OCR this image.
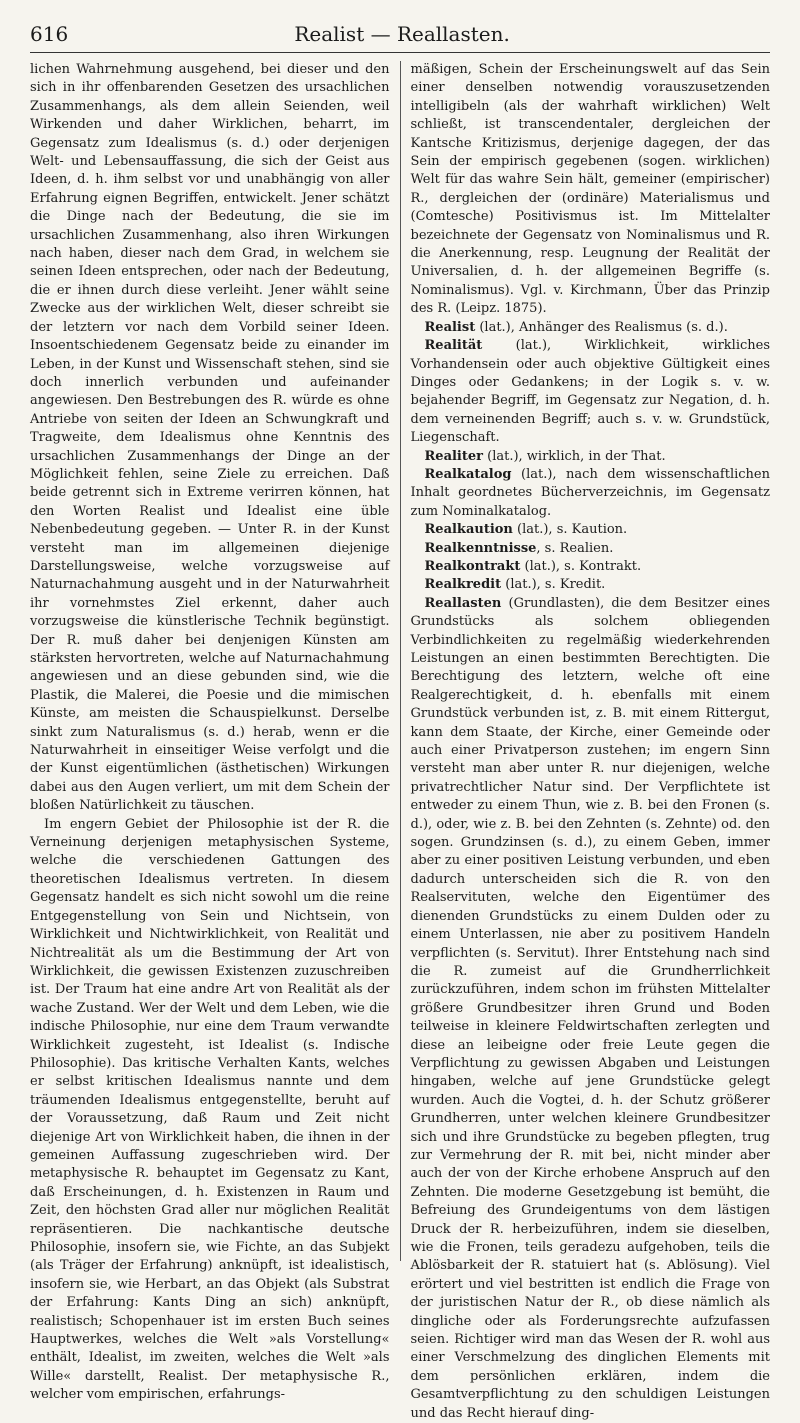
616	Realist — Reallasten.

lichen Wahrnehmung ausgehend, bei dieser und den sich in ihr offenbarenden Gesetzen des ursachlichen Zusammenhangs, als dem allein Seienden, weil Wirkenden und daher Wirklichen, beharrt, im Gegensatz zum Idealismus (s. d.) oder derjenigen Welt- und Lebensauffassung, die sich der Geist aus Ideen, d. h. ihm selbst vor und unabhängig von aller Erfahrung eignen Begriffen, entwickelt. Jener schätzt die Dinge nach der Bedeutung, die sie im ursachlichen Zusammenhang, also ihren Wirkungen nach haben, dieser nach dem Grad, in welchem sie seinen Ideen entsprechen, oder nach der Bedeutung, die er ihnen durch diese verleiht. Jener wählt seine Zwecke aus der wirklichen Welt, dieser schreibt sie der letztern vor nach dem Vorbild seiner Ideen. Insoentschiedenem Gegensatz beide zu einander im Leben, in der Kunst und Wissenschaft stehen, sind sie doch innerlich verbunden und aufeinander angewiesen. Den Bestrebungen des R. würde es ohne Antriebe von seiten der Ideen an Schwungkraft und Tragweite, dem Idealismus ohne Kenntnis des ursachlichen Zusammenhangs der Dinge an der Möglichkeit fehlen, seine Ziele zu erreichen. Daß beide getrennt sich in Extreme verirren können, hat den Worten Realist und Idealist eine üble Nebenbedeutung gegeben. — Unter R. in der Kunst versteht man im allgemeinen diejenige Darstellungsweise, welche vorzugsweise auf Naturnachahmung ausgeht und in der Naturwahrheit ihr vornehmstes Ziel erkennt, daher auch vorzugsweise die künstlerische Technik begünstigt. Der R. muß daher bei denjenigen Künsten am stärksten hervortreten, welche auf Naturnachahmung angewiesen und an diese gebunden sind, wie die Plastik, die Malerei, die Poesie und die mimischen Künste, am meisten die Schauspielkunst. Derselbe sinkt zum Naturalismus (s. d.) herab, wenn er die Naturwahrheit in einseitiger Weise verfolgt und die der Kunst eigentümlichen (ästhetischen) Wirkungen dabei aus den Augen verliert, um mit dem Schein der bloßen Natürlichkeit zu täuschen.

Im engern Gebiet der Philosophie ist der R. die Verneinung derjenigen metaphysischen Systeme, welche die verschiedenen Gattungen des theoretischen Idealismus vertreten. In diesem Gegensatz handelt es sich nicht sowohl um die reine Entgegenstellung von Sein und Nichtsein, von Wirklichkeit und Nichtwirklichkeit, von Realität und Nichtrealität als um die Bestimmung der Art von Wirklichkeit, die gewissen Existenzen zuzuschreiben ist. Der Traum hat eine andre Art von Realität als der wache Zustand. Wer der Welt und dem Leben, wie die indische Philosophie, nur eine dem Traum verwandte Wirklichkeit zugesteht, ist Idealist (s. Indische Philosophie). Das kritische Verhalten Kants, welches er selbst kritischen Idealismus nannte und dem träumenden Idealismus entgegenstellte, beruht auf der Voraussetzung, daß Raum und Zeit nicht diejenige Art von Wirklichkeit haben, die ihnen in der gemeinen Auffassung zugeschrieben wird. Der metaphysische R. behauptet im Gegensatz zu Kant, daß Erscheinungen, d. h. Existenzen in Raum und Zeit, den höchsten Grad aller nur möglichen Realität repräsentieren. Die nachkantische deutsche Philosophie, insofern sie, wie Fichte, an das Subjekt (als Träger der Erfahrung) anknüpft, ist idealistisch, insofern sie, wie Herbart, an das Objekt (als Substrat der Erfahrung: Kants Ding an sich) anknüpft, realistisch; Schopenhauer ist im ersten Buch seines Hauptwerkes, welches die Welt »als Vorstellung« enthält, Idealist, im zweiten, welches die Welt »als Wille« darstellt, Realist. Der metaphysische R., welcher vom empirischen, erfahrungs-

mäßigen, Schein der Erscheinungswelt auf das Sein einer denselben notwendig vorauszusetzenden intelligibeln (als der wahrhaft wirklichen) Welt schließt, ist transcendentaler, dergleichen der Kantsche Kritizismus, derjenige dagegen, der das Sein der empirisch gegebenen (sogen. wirklichen) Welt für das wahre Sein hält, gemeiner (empirischer) R., dergleichen der (ordinäre) Materialismus und (Comtesche) Positivismus ist. Im Mittelalter bezeichnete der Gegensatz von Nominalismus und R. die Anerkennung, resp. Leugnung der Realität der Universalien, d. h. der allgemeinen Begriffe (s. Nominalismus). Vgl. v. Kirchmann, Über das Prinzip des R. (Leipz. 1875).

Realist (lat.), Anhänger des Realismus (s. d.).

Realität (lat.), Wirklichkeit, wirkliches Vorhandensein oder auch objektive Gültigkeit eines Dinges oder Gedankens; in der Logik s. v. w. bejahender Begriff, im Gegensatz zur Negation, d. h. dem verneinenden Begriff; auch s. v. w. Grundstück, Liegenschaft.

Realiter (lat.), wirklich, in der That.

Realkatalog (lat.), nach dem wissenschaftlichen Inhalt geordnetes Bücherverzeichnis, im Gegensatz zum Nominalkatalog.

Realkaution (lat.), s. Kaution.

Realkenntnisse, s. Realien.

Realkontrakt (lat.), s. Kontrakt.

Realkredit (lat.), s. Kredit.

Reallasten (Grundlasten), die dem Besitzer eines Grundstücks als solchem obliegenden Verbindlichkeiten zu regelmäßig wiederkehrenden Leistungen an einen bestimmten Berechtigten. Die Berechtigung des letztern, welche oft eine Realgerechtigkeit, d. h. ebenfalls mit einem Grundstück verbunden ist, z. B. mit einem Rittergut, kann dem Staate, der Kirche, einer Gemeinde oder auch einer Privatperson zustehen; im engern Sinn versteht man aber unter R. nur diejenigen, welche privatrechtlicher Natur sind. Der Verpflichtete ist entweder zu einem Thun, wie z. B. bei den Fronen (s. d.), oder, wie z. B. bei den Zehnten (s. Zehnte) od. den sogen. Grundzinsen (s. d.), zu einem Geben, immer aber zu einer positiven Leistung verbunden, und eben dadurch unterscheiden sich die R. von den Realservituten, welche den Eigentümer des dienenden Grundstücks zu einem Dulden oder zu einem Unterlassen, nie aber zu positivem Handeln verpflichten (s. Servitut). Ihrer Entstehung nach sind die R. zumeist auf die Grundherrlichkeit zurückzuführen, indem schon im frühsten Mittelalter größere Grundbesitzer ihren Grund und Boden teilweise in kleinere Feldwirtschaften zerlegten und diese an leibeigne oder freie Leute gegen die Verpflichtung zu gewissen Abgaben und Leistungen hingaben, welche auf jene Grundstücke gelegt wurden. Auch die Vogtei, d. h. der Schutz größerer Grundherren, unter welchen kleinere Grundbesitzer sich und ihre Grundstücke zu begeben pflegten, trug zur Vermehrung der R. mit bei, nicht minder aber auch der von der Kirche erhobene Anspruch auf den Zehnten. Die moderne Gesetzgebung ist bemüht, die Befreiung des Grundeigentums von dem lästigen Druck der R. herbeizuführen, indem sie dieselben, wie die Fronen, teils geradezu aufgehoben, teils die Ablösbarkeit der R. statuiert hat (s. Ablösung). Viel erörtert und viel bestritten ist endlich die Frage von der juristischen Natur der R., ob diese nämlich als dingliche oder als Forderungsrechte aufzufassen seien. Richtiger wird man das Wesen der R. wohl aus einer Verschmelzung des dinglichen Elements mit dem persönlichen erklären, indem die Gesamtverpflichtung zu den schuldigen Leistungen und das Recht hierauf ding-
